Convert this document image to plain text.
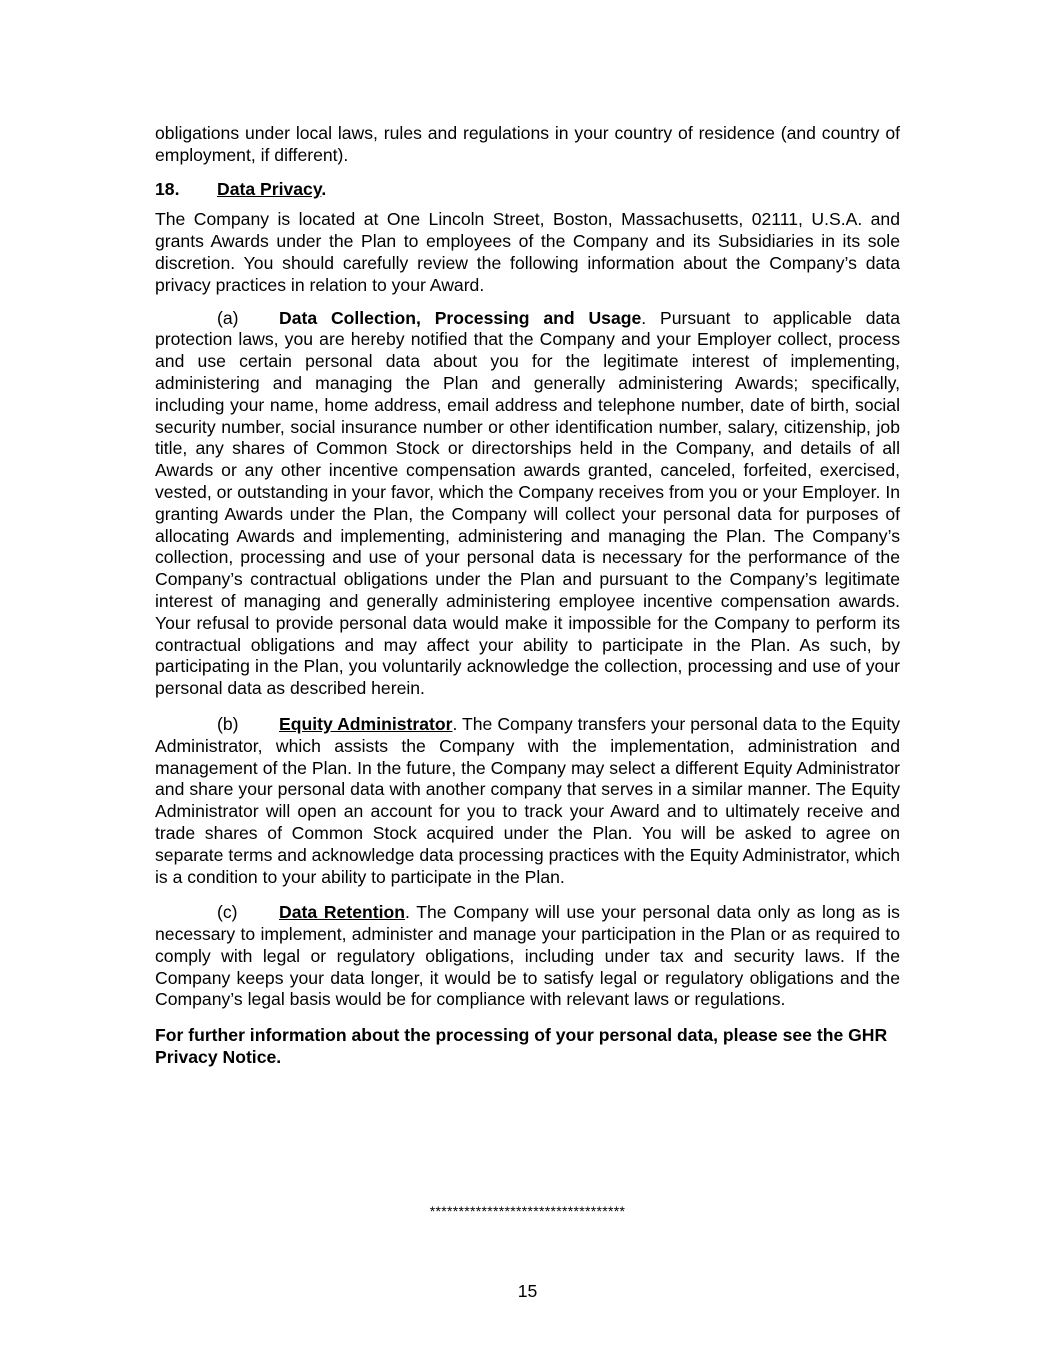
obligations under local laws, rules and regulations in your country of residence (and country of employment, if different).

18. Data Privacy.

The Company is located at One Lincoln Street, Boston, Massachusetts, 02111, U.S.A. and grants Awards under the Plan to employees of the Company and its Subsidiaries in its sole discretion. You should carefully review the following information about the Company’s data privacy practices in relation to your Award.

(a) Data Collection, Processing and Usage. Pursuant to applicable data protection laws, you are hereby notified that the Company and your Employer collect, process and use certain personal data about you for the legitimate interest of implementing, administering and managing the Plan and generally administering Awards; specifically, including your name, home address, email address and telephone number, date of birth, social security number, social insurance number or other identification number, salary, citizenship, job title, any shares of Common Stock or directorships held in the Company, and details of all Awards or any other incentive compensation awards granted, canceled, forfeited, exercised, vested, or outstanding in your favor, which the Company receives from you or your Employer. In granting Awards under the Plan, the Company will collect your personal data for purposes of allocating Awards and implementing, administering and managing the Plan. The Company’s collection, processing and use of your personal data is necessary for the performance of the Company’s contractual obligations under the Plan and pursuant to the Company’s legitimate interest of managing and generally administering employee incentive compensation awards. Your refusal to provide personal data would make it impossible for the Company to perform its contractual obligations and may affect your ability to participate in the Plan. As such, by participating in the Plan, you voluntarily acknowledge the collection, processing and use of your personal data as described herein.

(b) Equity Administrator. The Company transfers your personal data to the Equity Administrator, which assists the Company with the implementation, administration and management of the Plan. In the future, the Company may select a different Equity Administrator and share your personal data with another company that serves in a similar manner. The Equity Administrator will open an account for you to track your Award and to ultimately receive and trade shares of Common Stock acquired under the Plan. You will be asked to agree on separate terms and acknowledge data processing practices with the Equity Administrator, which is a condition to your ability to participate in the Plan.

(c) Data Retention. The Company will use your personal data only as long as is necessary to implement, administer and manage your participation in the Plan or as required to comply with legal or regulatory obligations, including under tax and security laws. If the Company keeps your data longer, it would be to satisfy legal or regulatory obligations and the Company’s legal basis would be for compliance with relevant laws or regulations.

For further information about the processing of your personal data, please see the GHR Privacy Notice.

**********************************
15
